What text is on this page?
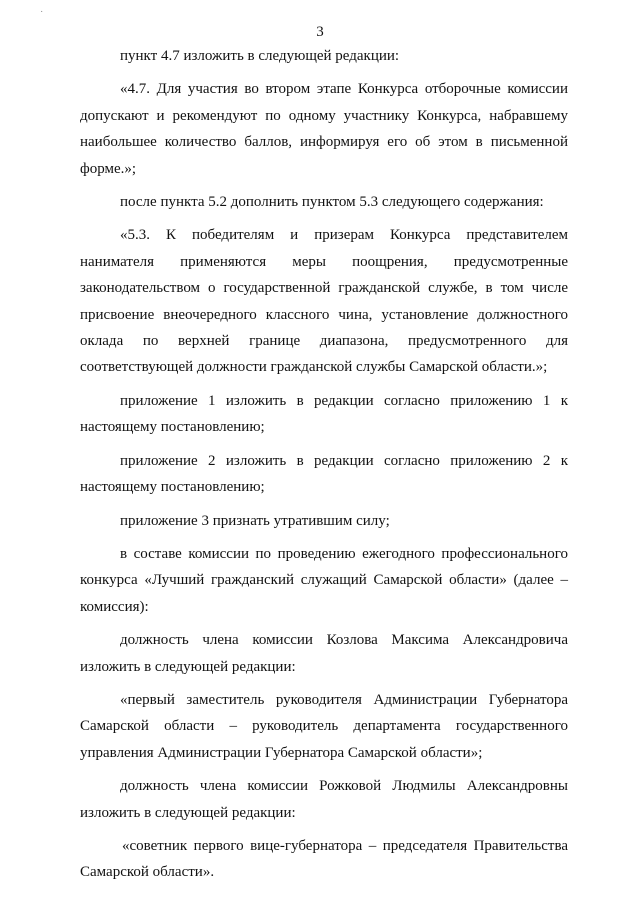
˙
3

пункт 4.7 изложить в следующей редакции:

«4.7. Для участия во втором этапе Конкурса отборочные комиссии допускают и рекомендуют по одному участнику Конкурса, набравшему наибольшее количество баллов, информируя его об этом в письменной форме.»;

после пункта 5.2 дополнить пунктом 5.3 следующего содержания:

«5.3. К победителям и призерам Конкурса представителем нанимателя применяются меры поощрения, предусмотренные законодательством о государственной гражданской службе, в том числе присвоение внеочередного классного чина, установление должностного оклада по верхней границе диапазона, предусмотренного для соответствующей должности гражданской службы Самарской области.»;

приложение 1 изложить в редакции согласно приложению 1 к настоящему постановлению;

приложение 2 изложить в редакции согласно приложению 2 к настоящему постановлению;

приложение 3 признать утратившим силу;

в составе комиссии по проведению ежегодного профессионального конкурса «Лучший гражданский служащий Самарской области» (далее – комиссия):

должность члена комиссии Козлова Максима Александровича изложить в следующей редакции:

«первый заместитель руководителя Администрации Губернатора Самарской области – руководитель департамента государственного управления Администрации Губернатора Самарской области»;

должность члена комиссии Рожковой Людмилы Александровны изложить в следующей редакции:

«советник первого вице-губернатора – председателя Правительства Самарской области».
